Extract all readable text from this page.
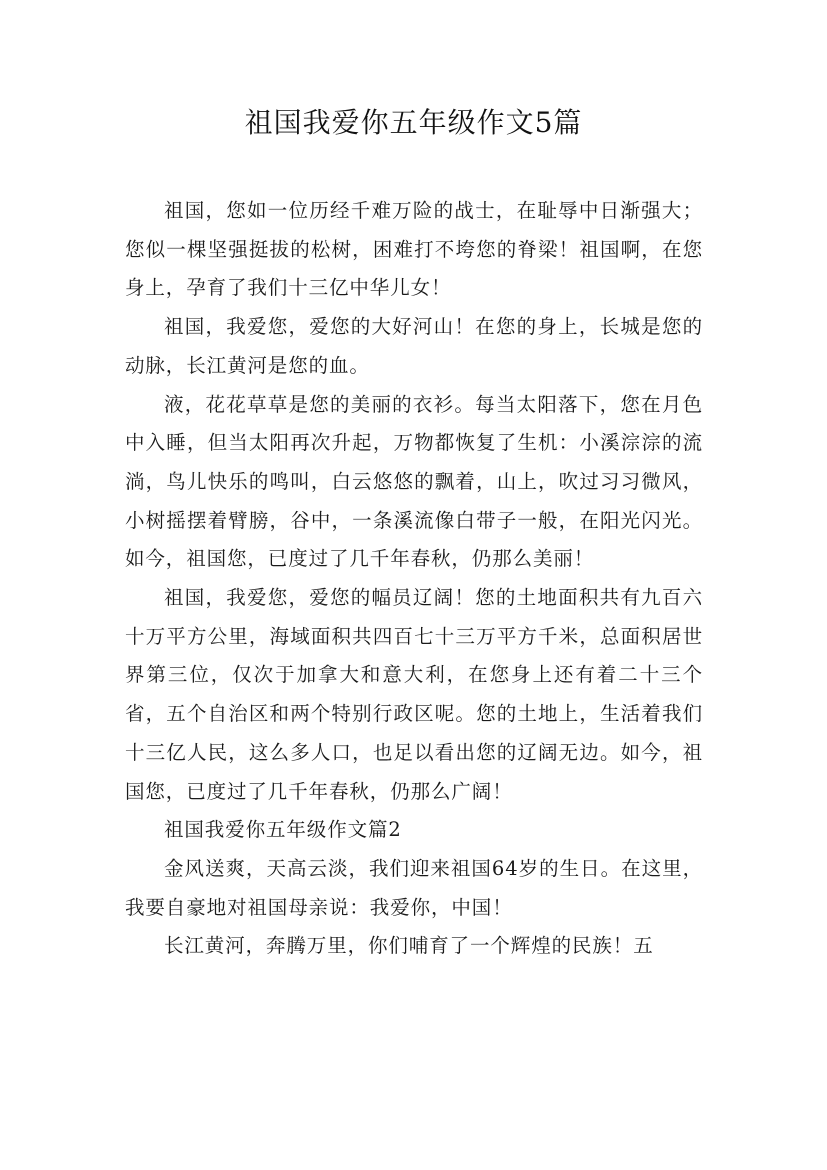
祖国我爱你五年级作文5篇

祖国，您如一位历经千难万险的战士，在耻辱中日渐强大；您似一棵坚强挺拔的松树，困难打不垮您的脊梁！祖国啊，在您身上，孕育了我们十三亿中华儿女！

祖国，我爱您，爱您的大好河山！在您的身上，长城是您的动脉，长江黄河是您的血。

液，花花草草是您的美丽的衣衫。每当太阳落下，您在月色中入睡，但当太阳再次升起，万物都恢复了生机：小溪淙淙的流淌，鸟儿快乐的鸣叫，白云悠悠的飘着，山上，吹过习习微风，小树摇摆着臂膀，谷中，一条溪流像白带子一般，在阳光闪光。如今，祖国您，已度过了几千年春秋，仍那么美丽！

祖国，我爱您，爱您的幅员辽阔！您的土地面积共有九百六十万平方公里，海域面积共四百七十三万平方千米，总面积居世界第三位，仅次于加拿大和意大利，在您身上还有着二十三个省，五个自治区和两个特别行政区呢。您的土地上，生活着我们十三亿人民，这么多人口，也足以看出您的辽阔无边。如今，祖国您，已度过了几千年春秋，仍那么广阔！

祖国我爱你五年级作文篇2

金风送爽，天高云淡，我们迎来祖国64岁的生日。在这里，我要自豪地对祖国母亲说：我爱你，中国！

长江黄河，奔腾万里，你们哺育了一个辉煌的民族！五
